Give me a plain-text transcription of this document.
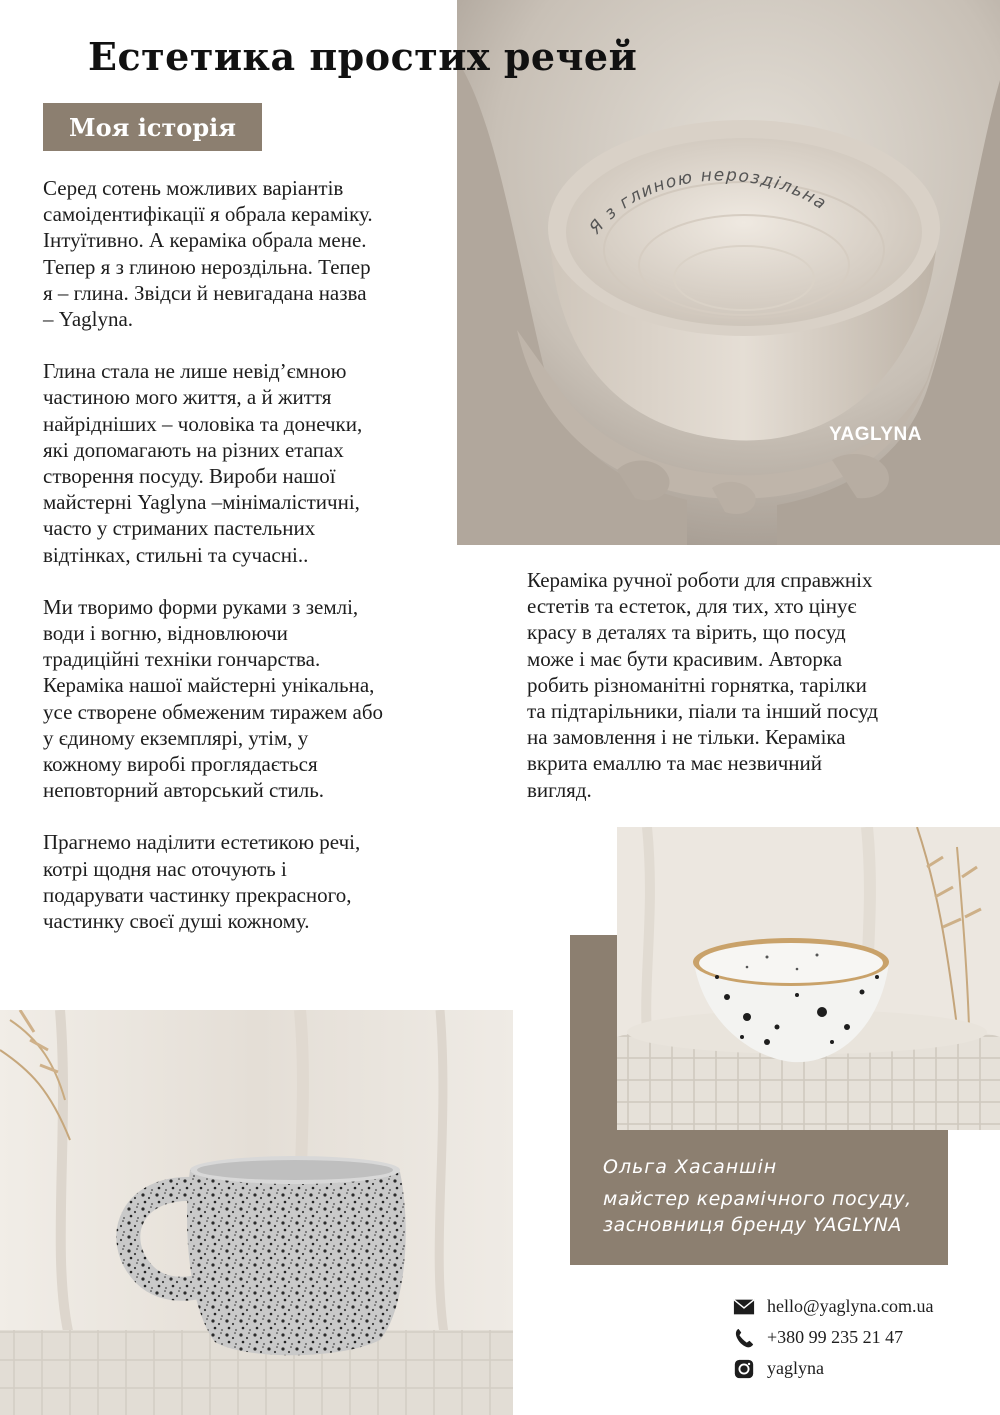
Я з глиною нероздільна
YAGLYNA
Естетика простих речей
Моя історія

Серед сотень можливих варіантів
самоідентифікації я обрала кераміку.
Інтуїтивно. А кераміка обрала мене.
Тепер я з глиною нероздільна. Тепер
я – глина. Звідси й невигадана назва
– Yaglyna.

Глина стала не лише невід’ємною
частиною мого життя, а й життя
найрідніших – чоловіка та донечки,
які допомагають на різних етапах
створення посуду. Вироби нашої
майстерні Yaglyna –мінімалістичні,
часто у стриманих пастельних
відтінках, стильні та сучасні..

Ми творимо форми руками з землі,
води і вогню, відновлюючи
традиційні техніки гончарства.
Кераміка нашої майстерні унікальна,
усе створене обмеженим тиражем або
у єдиному екземплярі, утім, у
кожному виробі проглядається
неповторний авторський стиль.

Прагнемо наділити естетикою речі,
котрі щодня нас оточують і
подарувати частинку прекрасного,
частинку своєї душі кожному.

Кераміка ручної роботи для справжніх
естетів та естеток, для тих, хто цінує
красу в деталях та вірить, що посуд
може і має бути красивим. Авторка
робить різноманітні горнятка, тарілки
та підтарільники, піали та інший посуд
на замовлення і не тільки. Кераміка
вкрита емаллю та має незвичний
вигляд.

Ольга Хасаншін
майстер керамічного посуду,
засновниця бренду YAGLYNA
hello@yaglyna.com.ua
+380 99 235 21 47
yaglyna
